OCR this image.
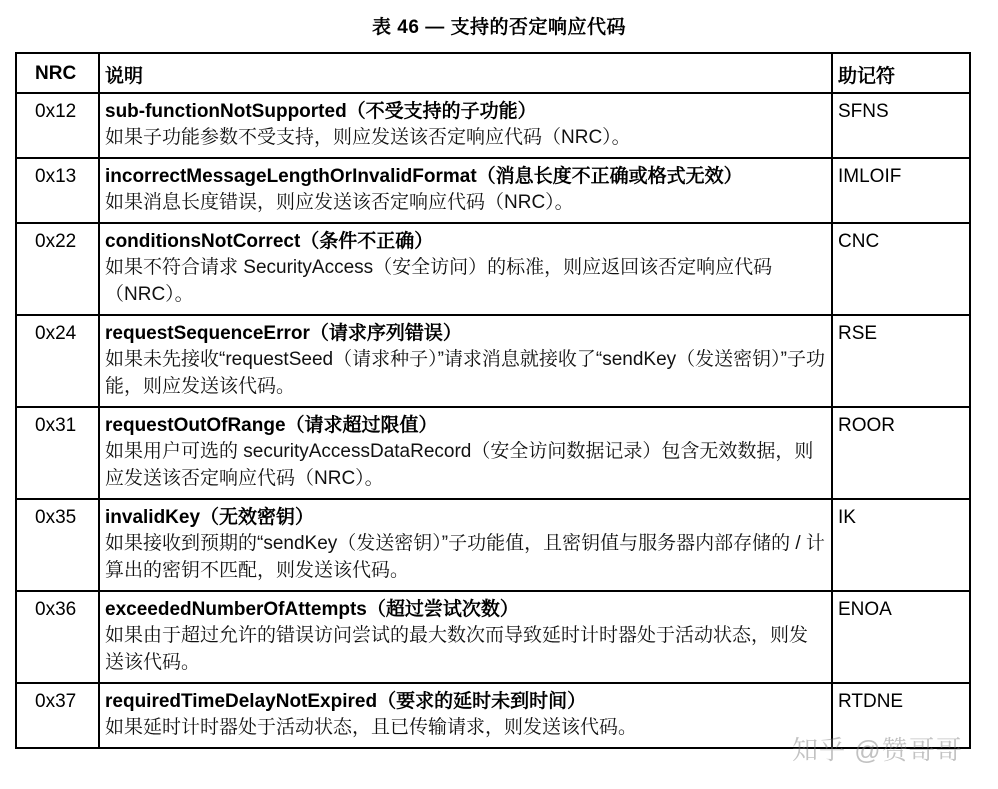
表 46 — 支持的否定响应代码
NRC	说明	助记符

0x12	sub-functionNotSupported（不受支持的子功能）
如果子功能参数不受支持，则应发送该否定响应代码（NRC）。	SFNS

0x13	incorrectMessageLengthOrInvalidFormat（消息长度不正确或格式无效）
如果消息长度错误，则应发送该否定响应代码（NRC）。	IMLOIF

0x22	conditionsNotCorrect（条件不正确）
如果不符合请求 SecurityAccess（安全访问）的标准，则应返回该否定响应代码（NRC）。	CNC

0x24	requestSequenceError（请求序列错误）
如果未先接收“requestSeed（请求种子）”请求消息就接收了“sendKey（发送密钥）”子功能，则应发送该代码。	RSE

0x31	requestOutOfRange（请求超过限值）
如果用户可选的 securityAccessDataRecord（安全访问数据记录）包含无效数据，则应发送该否定响应代码（NRC）。	ROOR

0x35	invalidKey（无效密钥）
如果接收到预期的“sendKey（发送密钥）”子功能值，且密钥值与服务器内部存储的 / 计算出的密钥不匹配，则发送该代码。	IK

0x36	exceededNumberOfAttempts（超过尝试次数）
如果由于超过允许的错误访问尝试的最大数次而导致延时计时器处于活动状态，则发送该代码。	ENOA

0x37	requiredTimeDelayNotExpired（要求的延时未到时间）
如果延时计时器处于活动状态，且已传输请求，则发送该代码。	RTDNE
知乎 @赞哥哥
